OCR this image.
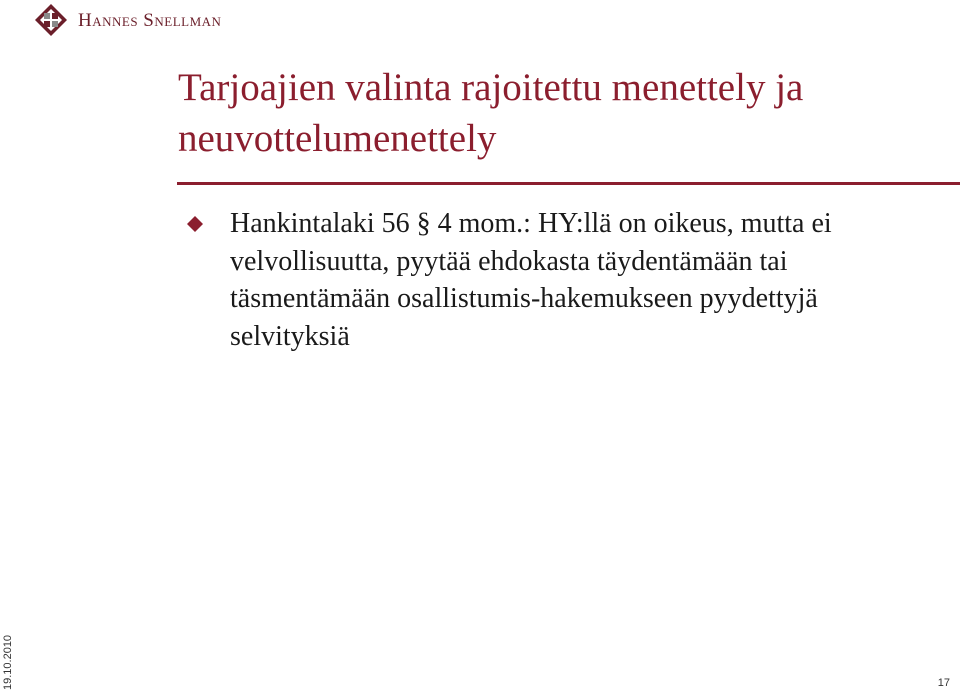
Hannes Snellman
Tarjoajien valinta rajoitettu menettely ja neuvottelumenettely
Hankintalaki 56 § 4 mom.: HY:llä on oikeus, mutta ei velvollisuutta, pyytää ehdokasta täydentämään tai täsmentämään osallistumis-hakemukseen pyydettyjä selvityksiä
19.10.2010	17
